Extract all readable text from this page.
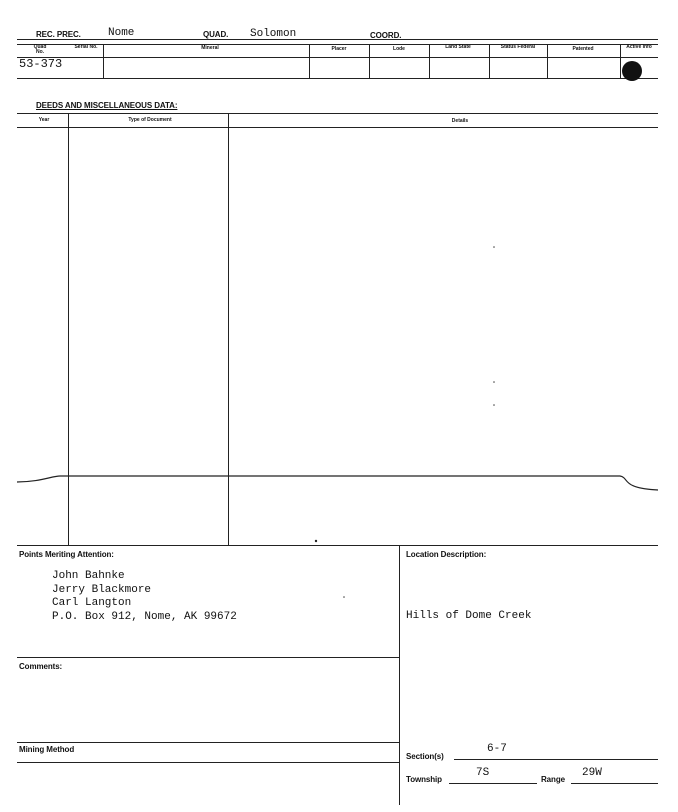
REC. PREC. Nome	QUAD. Solomon	COORD.
Quad No.
Serial No.	Mineral	Placer	Lode	Land State	Status Federal	Patented	Active Info
53-373
DEEDS AND MISCELLANEOUS DATA:
Year	Type of Document	Details
Points Meriting Attention:
John Bahnke
Jerry Blackmore
Carl Langton
P.O. Box 912, Nome, AK 99672
Comments:
Mining Method
Location Description:
Hills of Dome Creek
Section(s)
6-7
Township
7S
Range
29W
